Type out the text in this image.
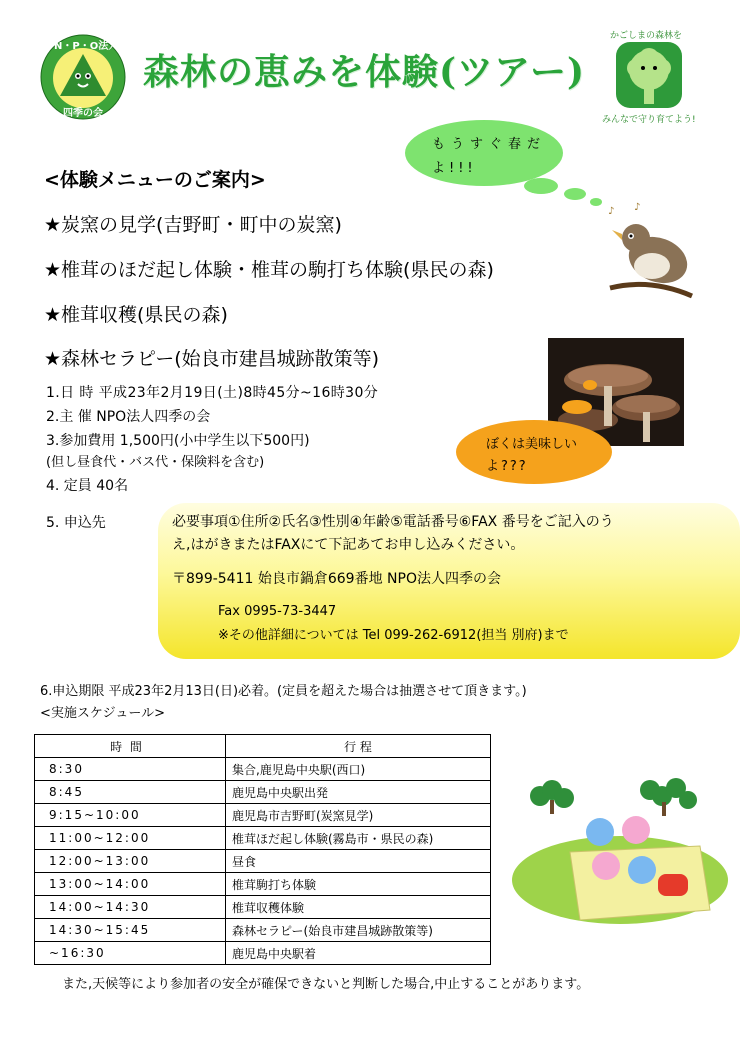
N・P・O法人
四季の会
森林の恵みを体験(ツアー)
かごしまの森林を
みんなで守り育てよう!
もうすぐ春だ
よ!!!
♪ ♪
<体験メニューのご案内>
★炭窯の見学(吉野町・町中の炭窯)
★椎茸のほだ起し体験・椎茸の駒打ち体験(県民の森)
★椎茸収穫(県民の森)
★森林セラピー(始良市建昌城跡散策等)
ぼくは美味しい
よ???
1.日 時 平成23年2月19日(土)8時45分~16時30分
2.主 催 NPO法人四季の会
3.参加費用 1,500円(小中学生以下500円)
(但し昼食代・バス代・保険料を含む)
4. 定員 40名
5. 申込先	必要事項①住所②氏名③性別④年齢⑤電話番号⑥FAX 番号をご記入のう
え,はがきまたはFAXにて下記あてお申し込みください。
〒899-5411 始良市鍋倉669番地 NPO法人四季の会
Fax 0995-73-3447
※その他詳細については Tel 099-262-6912(担当 別府)まで
6.申込期限 平成23年2月13日(日)必着。(定員を超えた場合は抽選させて頂きます。)
<実施スケジュール>
時 間	行 程
8:30	集合,鹿児島中央駅(西口)
8:45	鹿児島中央駅出発
9:15~10:00	鹿児島市吉野町(炭窯見学)
11:00~12:00	椎茸ほだ起し体験(霧島市・県民の森)
12:00~13:00	昼食
13:00~14:00	椎茸駒打ち体験
14:00~14:30	椎茸収穫体験
14:30~15:45	森林セラピー(始良市建昌城跡散策等)
~16:30	鹿児島中央駅着
また,天候等により参加者の安全が確保できないと判断した場合,中止することがあります。
